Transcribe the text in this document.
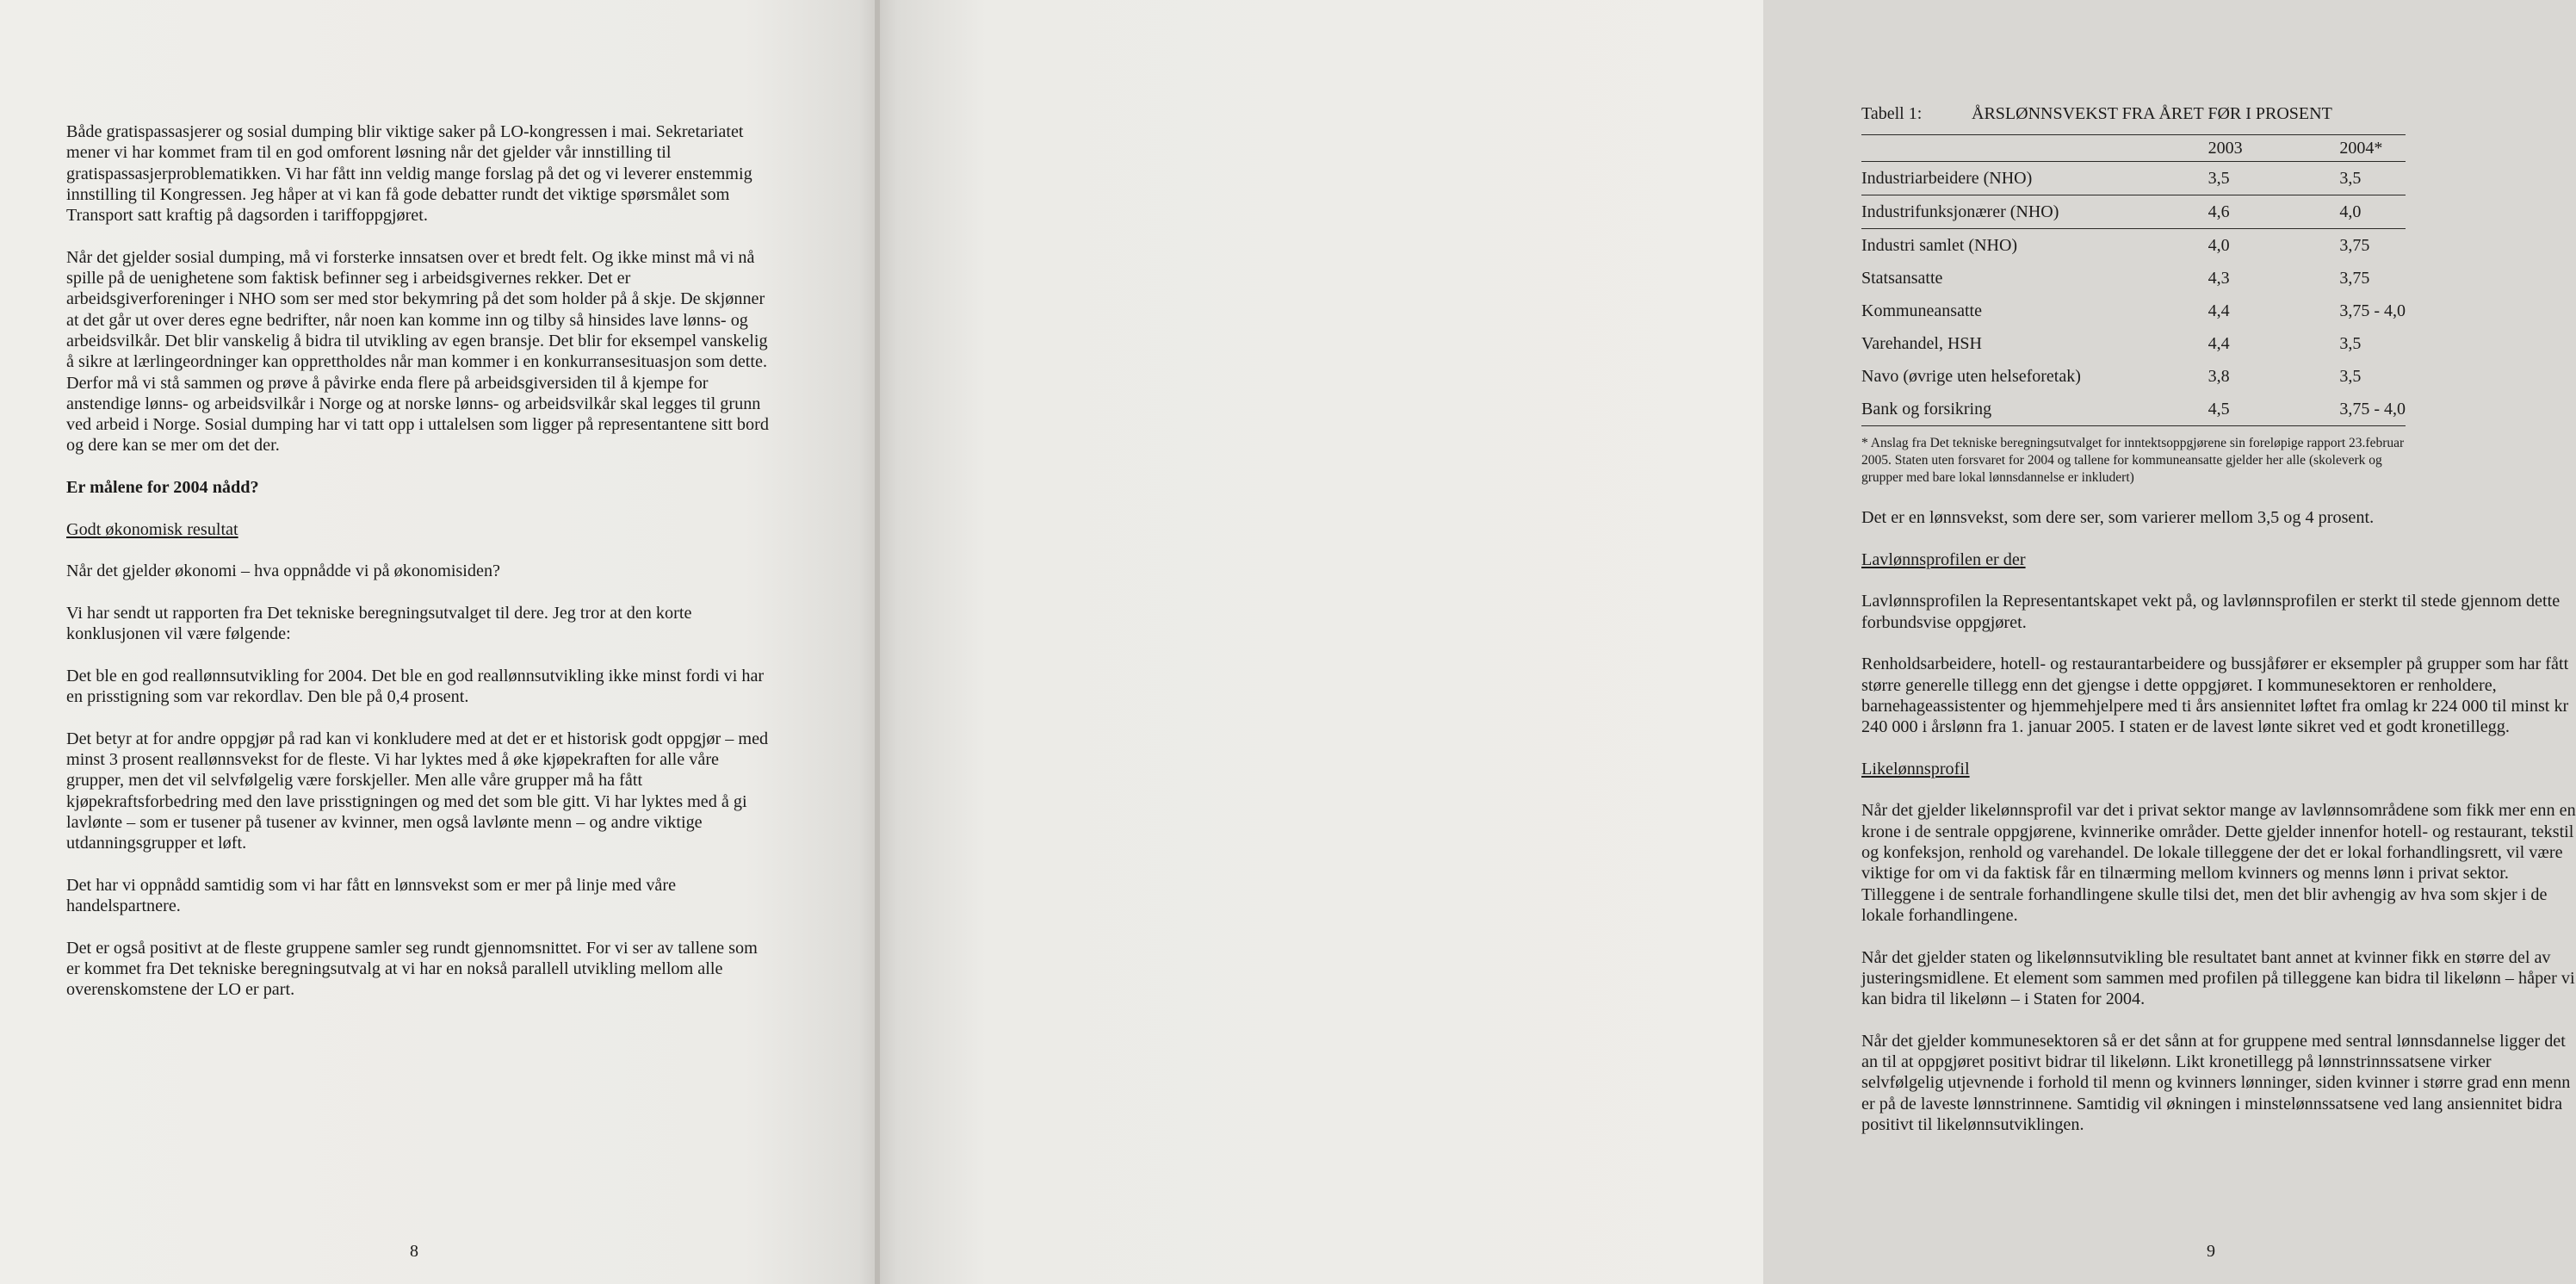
Både gratispassasjerer og sosial dumping blir viktige saker på LO-kongressen i mai. Sekretariatet mener vi har kommet fram til en god omforent løsning når det gjelder vår innstilling til gratispassasjerproblematikken. Vi har fått inn veldig mange forslag på det og vi leverer enstemmig innstilling til Kongressen. Jeg håper at vi kan få gode debatter rundt det viktige spørsmålet som Transport satt kraftig på dagsorden i tariffoppgjøret.

Når det gjelder sosial dumping, må vi forsterke innsatsen over et bredt felt. Og ikke minst må vi nå spille på de uenighetene som faktisk befinner seg i arbeidsgivernes rekker. Det er arbeidsgiverforeninger i NHO som ser med stor bekymring på det som holder på å skje. De skjønner at det går ut over deres egne bedrifter, når noen kan komme inn og tilby så hinsides lave lønns- og arbeidsvilkår. Det blir vanskelig å bidra til utvikling av egen bransje. Det blir for eksempel vanskelig å sikre at lærlingeordninger kan opprettholdes når man kommer i en konkurransesituasjon som dette. Derfor må vi stå sammen og prøve å påvirke enda flere på arbeidsgiversiden til å kjempe for anstendige lønns- og arbeidsvilkår i Norge og at norske lønns- og arbeidsvilkår skal legges til grunn ved arbeid i Norge. Sosial dumping har vi tatt opp i uttalelsen som ligger på representantene sitt bord og dere kan se mer om det der.

Er målene for 2004 nådd?
Godt økonomisk resultat

Når det gjelder økonomi – hva oppnådde vi på økonomisiden?

Vi har sendt ut rapporten fra Det tekniske beregningsutvalget til dere. Jeg tror at den korte konklusjonen vil være følgende:

Det ble en god reallønnsutvikling for 2004. Det ble en god reallønnsutvikling ikke minst fordi vi har en prisstigning som var rekordlav. Den ble på 0,4 prosent.

Det betyr at for andre oppgjør på rad kan vi konkludere med at det er et historisk godt oppgjør – med minst 3 prosent reallønnsvekst for de fleste. Vi har lyktes med å øke kjøpekraften for alle våre grupper, men det vil selvfølgelig være forskjeller. Men alle våre grupper må ha fått kjøpekraftsforbedring med den lave prisstigningen og med det som ble gitt. Vi har lyktes med å gi lavlønte – som er tusener på tusener av kvinner, men også lavlønte menn – og andre viktige utdanningsgrupper et løft.

Det har vi oppnådd samtidig som vi har fått en lønnsvekst som er mer på linje med våre handelspartnere.

Det er også positivt at de fleste gruppene samler seg rundt gjennomsnittet. For vi ser av tallene som er kommet fra Det tekniske beregningsutvalg at vi har en nokså parallell utvikling mellom alle overenskomstene der LO er part.

8
Tabell 1:	ÅRSLØNNSVEKST FRA ÅRET FØR I PROSENT
	2003	2004*
Industriarbeidere (NHO)	3,5	3,5
Industrifunksjonærer (NHO)	4,6	4,0
Industri samlet (NHO)	4,0	3,75
Statsansatte	4,3	3,75
Kommuneansatte	4,4	3,75 - 4,0
Varehandel, HSH	4,4	3,5
Navo (øvrige uten helseforetak)	3,8	3,5
Bank og forsikring	4,5	3,75 - 4,0
* Anslag fra Det tekniske beregningsutvalget for inntektsoppgjørene sin foreløpige rapport 23.februar 2005. Staten uten forsvaret for 2004 og tallene for kommuneansatte gjelder her alle (skoleverk og grupper med bare lokal lønnsdannelse er inkludert)

Det er en lønnsvekst, som dere ser, som varierer mellom 3,5 og 4 prosent.

Lavlønnsprofilen er der

Lavlønnsprofilen la Representantskapet vekt på, og lavlønnsprofilen er sterkt til stede gjennom dette forbundsvise oppgjøret.

Renholdsarbeidere, hotell- og restaurantarbeidere og bussjåfører er eksempler på grupper som har fått større generelle tillegg enn det gjengse i dette oppgjøret. I kommunesektoren er renholdere, barnehageassistenter og hjemmehjelpere med ti års ansiennitet løftet fra omlag kr 224 000 til minst kr 240 000 i årslønn fra 1. januar 2005. I staten er de lavest lønte sikret ved et godt kronetillegg.

Likelønnsprofil

Når det gjelder likelønnsprofil var det i privat sektor mange av lavlønnsområdene som fikk mer enn en krone i de sentrale oppgjørene, kvinnerike områder. Dette gjelder innenfor hotell- og restaurant, tekstil og konfeksjon, renhold og varehandel. De lokale tilleggene der det er lokal forhandlingsrett, vil være viktige for om vi da faktisk får en tilnærming mellom kvinners og menns lønn i privat sektor. Tilleggene i de sentrale forhandlingene skulle tilsi det, men det blir avhengig av hva som skjer i de lokale forhandlingene.

Når det gjelder staten og likelønnsutvikling ble resultatet bant annet at kvinner fikk en større del av justeringsmidlene. Et element som sammen med profilen på tilleggene kan bidra til likelønn – håper vi kan bidra til likelønn – i Staten for 2004.

Når det gjelder kommunesektoren så er det sånn at for gruppene med sentral lønnsdannelse ligger det an til at oppgjøret positivt bidrar til likelønn. Likt kronetillegg på lønnstrinnssatsene virker selvfølgelig utjevnende i forhold til menn og kvinners lønninger, siden kvinner i større grad enn menn er på de laveste lønnstrinnene. Samtidig vil økningen i minstelønnssatsene ved lang ansiennitet bidra positivt til likelønnsutviklingen.

9
